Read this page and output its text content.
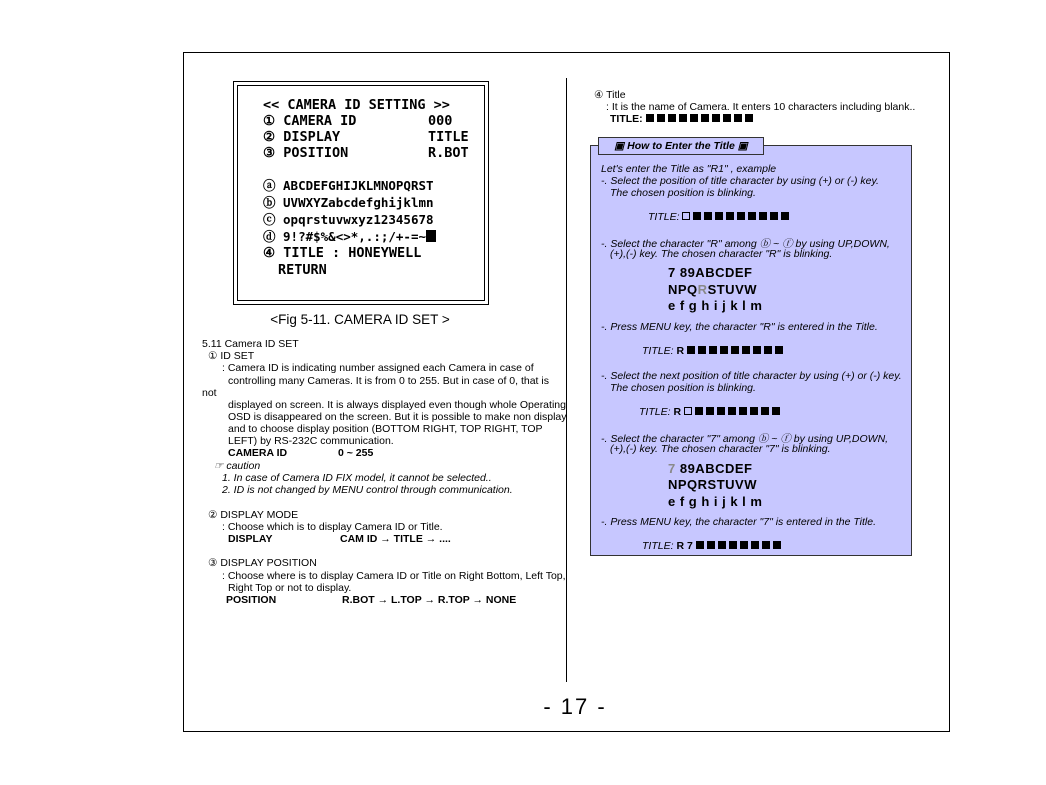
<< CAMERA ID SETTING >>
① CAMERA ID	000
② DISPLAY	TITLE
③ POSITION	R.BOT
ⓐ ABCDEFGHIJKLMNOPQRST
ⓑ UVWXYZabcdefghijklmn
ⓒ opqrstuvwxyz12345678
ⓓ 9!?#$%&<>*,.:;/+-=~
④ TITLE : HONEYWELL
RETURN
<Fig 5-11. CAMERA ID SET >
5.11 Camera ID SET
① ID SET
: Camera ID is indicating number assigned each Camera in case of
controlling many Cameras. It is from 0 to 255. But in case of 0, that is
not
displayed on screen. It is always displayed even though whole Operating
OSD is disappeared on the screen. But it is possible to make non display
and to choose display position (BOTTOM RIGHT, TOP RIGHT, TOP
LEFT) by RS-232C communication.
CAMERA ID	0 ~ 255
☞ caution
1. In case of Camera ID FIX model, it cannot be selected..
2. ID is not changed by MENU control through communication.
② DISPLAY MODE
: Choose which is to display Camera ID or Title.
DISPLAY	CAM ID → TITLE → ....
③ DISPLAY POSITION
: Choose where is to display Camera ID or Title on Right Bottom, Left Top,
Right Top or not to display.
POSITION	R.BOT → L.TOP → R.TOP → NONE
④ Title
: It is the name of Camera. It enters 10 characters including blank..
TITLE:
▣ How to Enter the Title ▣
Let's enter the Title as "R1" , example
-. Select the position of title character by using (+) or (-) key.
The chosen position is blinking.
TITLE:
-. Select the character "R" among ⓑ ~ ⓕ by using UP,DOWN,
(+),(-) key. The chosen character "R" is blinking.
7 89ABCDEF
NPQRSTUVW
e f g h i j k l m
-. Press MENU key, the character "R" is entered in the Title.
TITLE: R
-. Select the next position of title character by using (+) or (-) key.
The chosen position is blinking.
TITLE: R
-. Select the character "7" among ⓑ ~ ⓕ by using UP,DOWN,
(+),(-) key. The chosen character "7" is blinking.
7 89ABCDEF
NPQRSTUVW
e f g h i j k l m
-. Press MENU key, the character "7" is entered in the Title.
TITLE: R 7
- 17 -
